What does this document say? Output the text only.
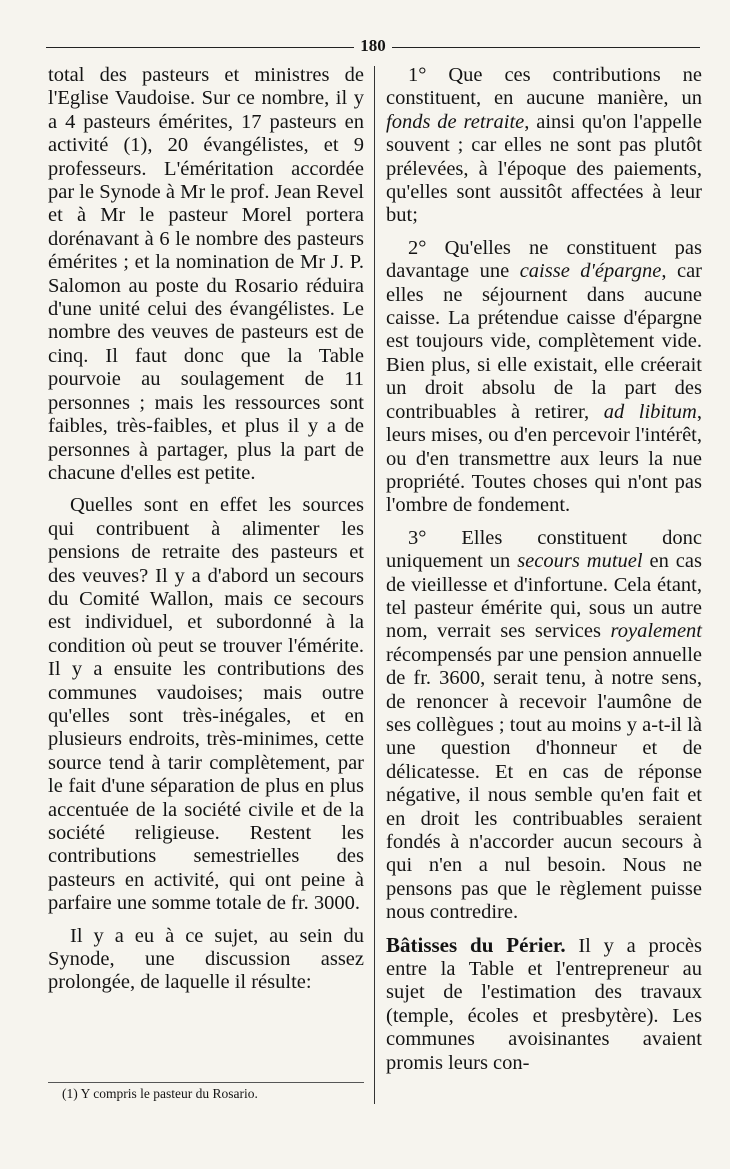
180

total des pasteurs et ministres de l'Eglise Vaudoise. Sur ce nombre, il y a 4 pasteurs émérites, 17 pasteurs en activité (1), 20 évangélistes, et 9 professeurs. L'éméritation accordée par le Synode à Mr le prof. Jean Revel et à Mr le pasteur Morel portera dorénavant à 6 le nombre des pasteurs émérites ; et la nomination de Mr J. P. Salomon au poste du Rosario réduira d'une unité celui des évangélistes. Le nombre des veuves de pasteurs est de cinq. Il faut donc que la Table pourvoie au soulagement de 11 personnes ; mais les ressources sont faibles, très-faibles, et plus il y a de personnes à partager, plus la part de chacune d'elles est petite.

Quelles sont en effet les sources qui contribuent à alimenter les pensions de retraite des pasteurs et des veuves? Il y a d'abord un secours du Comité Wallon, mais ce secours est individuel, et subordonné à la condition où peut se trouver l'émérite. Il y a ensuite les contributions des communes vaudoises; mais outre qu'elles sont très-inégales, et en plusieurs endroits, très-minimes, cette source tend à tarir complètement, par le fait d'une séparation de plus en plus accentuée de la société civile et de la société religieuse. Restent les contributions semestrielles des pasteurs en activité, qui ont peine à parfaire une somme totale de fr. 3000.

Il y a eu à ce sujet, au sein du Synode, une discussion assez prolongée, de laquelle il résulte:

1° Que ces contributions ne constituent, en aucune manière, un fonds de retraite, ainsi qu'on l'appelle souvent ; car elles ne sont pas plutôt prélevées, à l'époque des paiements, qu'elles sont aussitôt affectées à leur but;

2° Qu'elles ne constituent pas davantage une caisse d'épargne, car elles ne séjournent dans aucune caisse. La prétendue caisse d'épargne est toujours vide, complètement vide. Bien plus, si elle existait, elle créerait un droit absolu de la part des contribuables à retirer, ad libitum, leurs mises, ou d'en percevoir l'intérêt, ou d'en transmettre aux leurs la nue propriété. Toutes choses qui n'ont pas l'ombre de fondement.

3° Elles constituent donc uniquement un secours mutuel en cas de vieillesse et d'infortune. Cela étant, tel pasteur émérite qui, sous un autre nom, verrait ses services royalement récompensés par une pension annuelle de fr. 3600, serait tenu, à notre sens, de renoncer à recevoir l'aumône de ses collègues ; tout au moins y a-t-il là une question d'honneur et de délicatesse. Et en cas de réponse négative, il nous semble qu'en fait et en droit les contribuables seraient fondés à n'accorder aucun secours à qui n'en a nul besoin. Nous ne pensons pas que le règlement puisse nous contredire.

Bâtisses du Périer. Il y a procès entre la Table et l'entrepreneur au sujet de l'estimation des travaux (temple, écoles et presbytère). Les communes avoisinantes avaient promis leurs con-

(1) Y compris le pasteur du Rosario.
